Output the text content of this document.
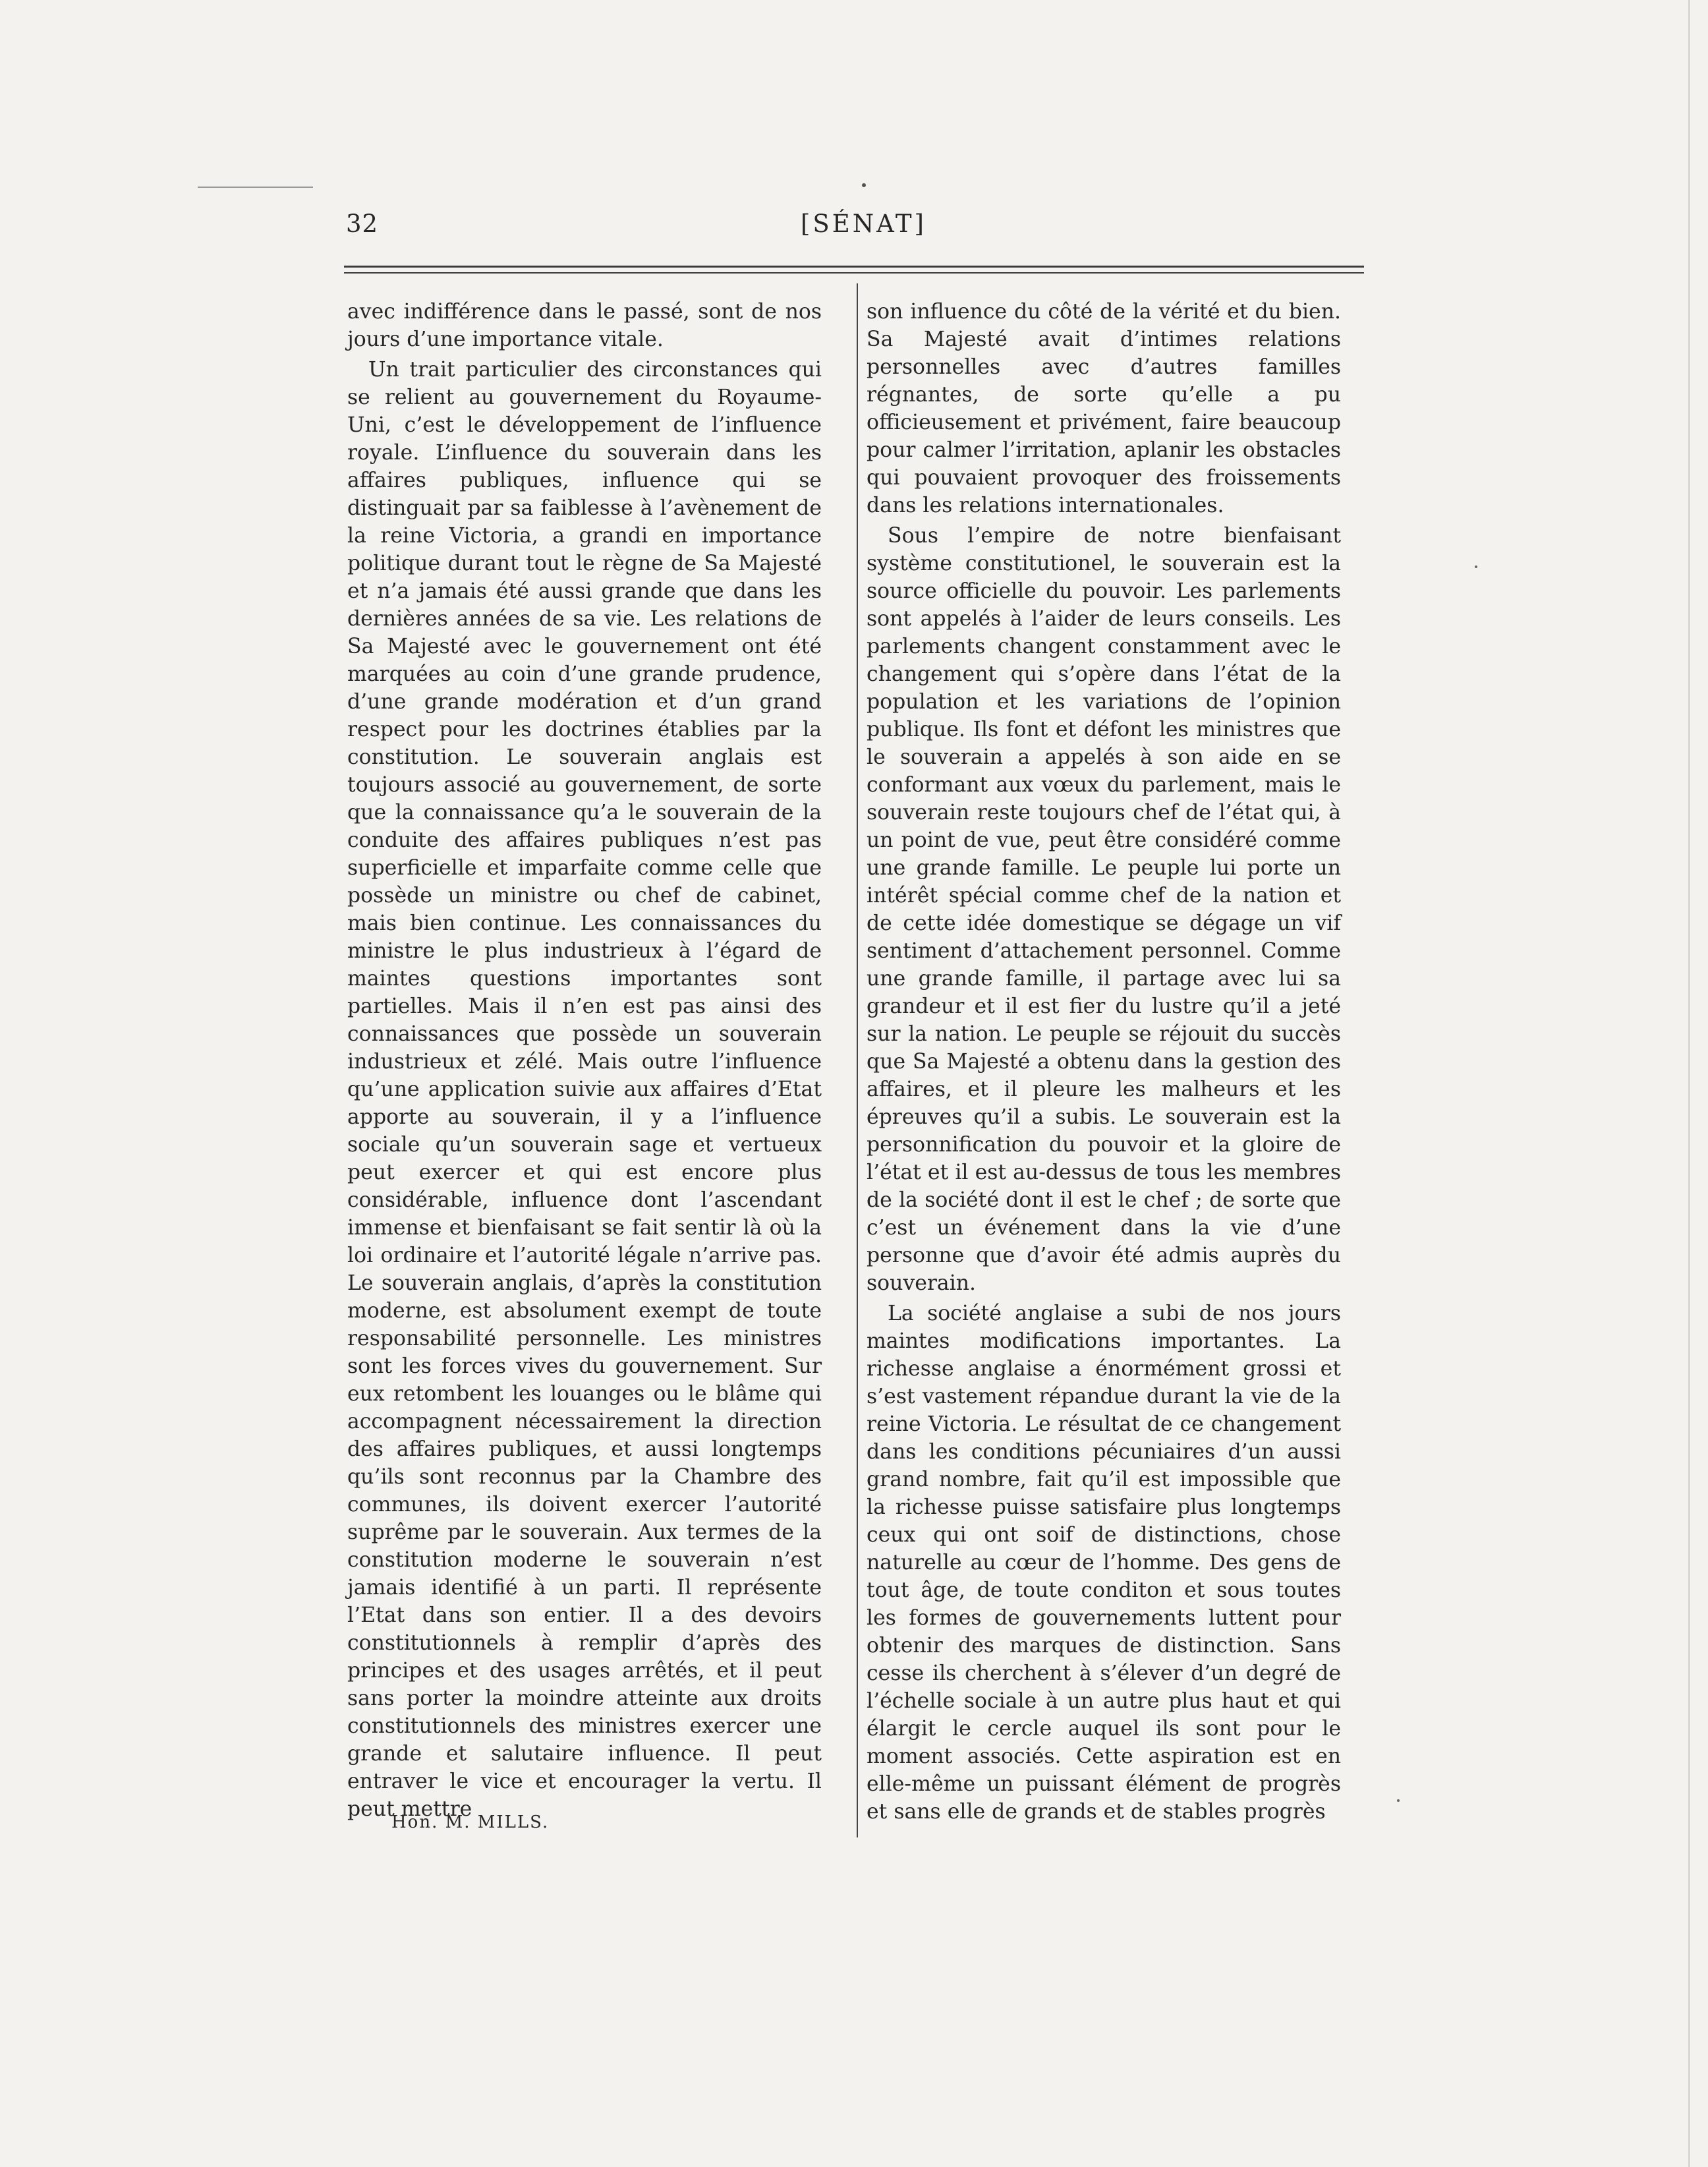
32	[SÉNAT]

avec indifférence dans le passé, sont de nos jours d’une importance vitale.

Un trait particulier des circonstances qui se relient au gouvernement du Royaume-Uni, c’est le développement de l’influence royale. L’influence du souverain dans les affaires publiques, influence qui se distinguait par sa faiblesse à l’avènement de la reine Victoria, a grandi en importance politique durant tout le règne de Sa Majesté et n’a jamais été aussi grande que dans les dernières années de sa vie. Les relations de Sa Majesté avec le gouvernement ont été marquées au coin d’une grande prudence, d’une grande modération et d’un grand respect pour les doctrines établies par la constitution. Le souverain anglais est toujours associé au gouvernement, de sorte que la connaissance qu’a le souverain de la conduite des affaires publiques n’est pas superficielle et imparfaite comme celle que possède un ministre ou chef de cabinet, mais bien continue. Les connaissances du ministre le plus industrieux à l’égard de maintes questions importantes sont partielles. Mais il n’en est pas ainsi des connaissances que possède un souverain industrieux et zélé. Mais outre l’influence qu’une application suivie aux affaires d’Etat apporte au souverain, il y a l’influence sociale qu’un souverain sage et vertueux peut exercer et qui est encore plus considérable, influence dont l’ascendant immense et bienfaisant se fait sentir là où la loi ordinaire et l’autorité légale n’arrive pas. Le souverain anglais, d’après la constitution moderne, est absolument exempt de toute responsabilité personnelle. Les ministres sont les forces vives du gouvernement. Sur eux retombent les louanges ou le blâme qui accompagnent nécessairement la direction des affaires publiques, et aussi longtemps qu’ils sont reconnus par la Chambre des communes, ils doivent exercer l’autorité suprême par le souverain. Aux termes de la constitution moderne le souverain n’est jamais identifié à un parti. Il représente l’Etat dans son entier. Il a des devoirs constitutionnels à remplir d’après des principes et des usages arrêtés, et il peut sans porter la moindre atteinte aux droits constitutionnels des ministres exercer une grande et salutaire influence. Il peut entraver le vice et encourager la vertu. Il peut mettre

son influence du côté de la vérité et du bien. Sa Majesté avait d’intimes relations personnelles avec d’autres familles régnantes, de sorte qu’elle a pu officieusement et privément, faire beaucoup pour calmer l’irritation, aplanir les obstacles qui pouvaient provoquer des froissements dans les relations internationales.

Sous l’empire de notre bienfaisant système constitutionel, le souverain est la source officielle du pouvoir. Les parlements sont appelés à l’aider de leurs conseils. Les parlements changent constamment avec le changement qui s’opère dans l’état de la population et les variations de l’opinion publique. Ils font et défont les ministres que le souverain a appelés à son aide en se conformant aux vœux du parlement, mais le souverain reste toujours chef de l’état qui, à un point de vue, peut être considéré comme une grande famille. Le peuple lui porte un intérêt spécial comme chef de la nation et de cette idée domestique se dégage un vif sentiment d’attachement personnel. Comme une grande famille, il partage avec lui sa grandeur et il est fier du lustre qu’il a jeté sur la nation. Le peuple se réjouit du succès que Sa Majesté a obtenu dans la gestion des affaires, et il pleure les malheurs et les épreuves qu’il a subis. Le souverain est la personnification du pouvoir et la gloire de l’état et il est au-dessus de tous les membres de la société dont il est le chef ; de sorte que c’est un événement dans la vie d’une personne que d’avoir été admis auprès du souverain.

La société anglaise a subi de nos jours maintes modifications importantes. La richesse anglaise a énormément grossi et s’est vastement répandue durant la vie de la reine Victoria. Le résultat de ce changement dans les conditions pécuniaires d’un aussi grand nombre, fait qu’il est impossible que la richesse puisse satisfaire plus longtemps ceux qui ont soif de distinctions, chose naturelle au cœur de l’homme. Des gens de tout âge, de toute conditon et sous toutes les formes de gouvernements luttent pour obtenir des marques de distinction. Sans cesse ils cherchent à s’élever d’un degré de l’échelle sociale à un autre plus haut et qui élargit le cercle auquel ils sont pour le moment associés. Cette aspiration est en elle-même un puissant élément de progrès et sans elle de grands et de stables progrès

Hon. M. MILLS.
